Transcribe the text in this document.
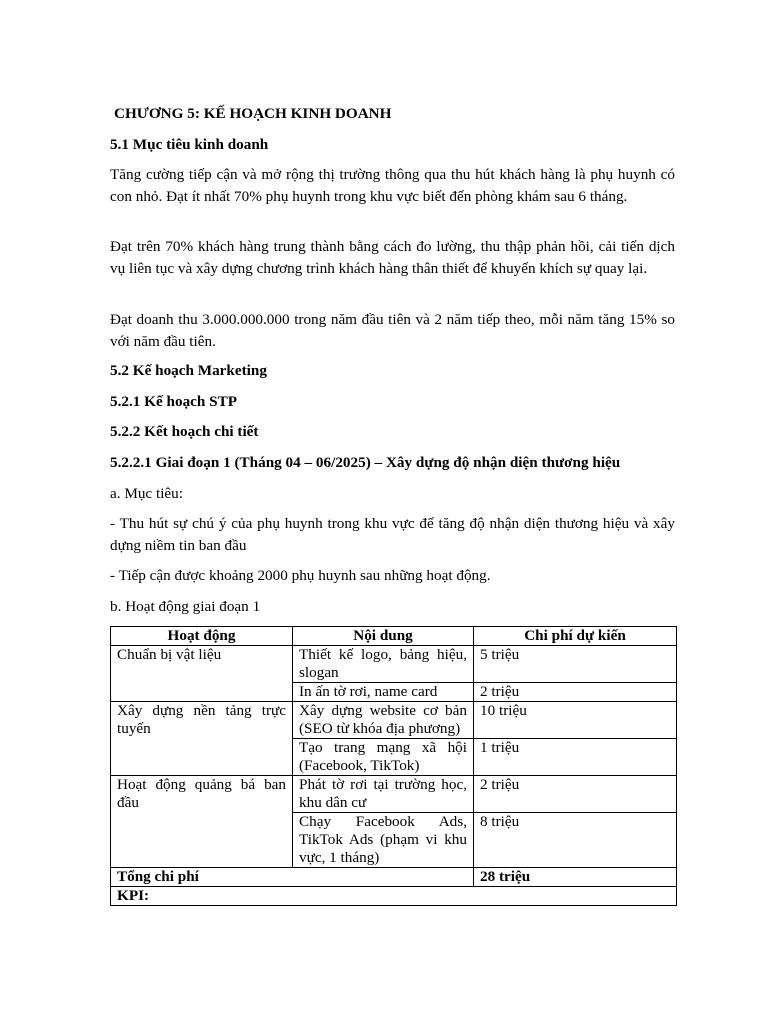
CHƯƠNG 5: KẾ HOẠCH KINH DOANH

5.1 Mục tiêu kinh doanh

Tăng cường tiếp cận và mở rộng thị trường thông qua thu hút khách hàng là phụ huynh có con nhỏ. Đạt ít nhất 70% phụ huynh trong khu vực biết đến phòng khám sau 6 tháng.

Đạt trên 70% khách hàng trung thành bằng cách đo lường, thu thập phản hồi, cải tiến dịch vụ liên tục và xây dựng chương trình khách hàng thân thiết để khuyến khích sự quay lại.

Đạt doanh thu 3.000.000.000 trong năm đầu tiên và 2 năm tiếp theo, mỗi năm tăng 15% so với năm đầu tiên.

5.2 Kế hoạch Marketing

5.2.1 Kế hoạch STP

5.2.2 Kết hoạch chi tiết

5.2.2.1 Giai đoạn 1 (Tháng 04 – 06/2025) – Xây dựng độ nhận diện thương hiệu

a. Mục tiêu:

- Thu hút sự chú ý của phụ huynh trong khu vực để tăng độ nhận diện thương hiệu và xây dựng niềm tin ban đầu

- Tiếp cận được khoảng 2000 phụ huynh sau những hoạt động.

b. Hoạt động giai đoạn 1

Hoạt động	Nội dung	Chi phí dự kiến
Chuẩn bị vật liệu	Thiết kế logo, bảng hiệu, slogan	5 triệu
	In ấn tờ rơi, name card	2 triệu
Xây dựng nền tảng trực tuyến	Xây dựng website cơ bản (SEO từ khóa địa phương)	10 triệu
	Tạo trang mạng xã hội (Facebook, TikTok)	1 triệu
Hoạt động quảng bá ban đầu	Phát tờ rơi tại trường học, khu dân cư	2 triệu
	Chạy Facebook Ads, TikTok Ads (phạm vi khu vực, 1 tháng)	8 triệu
Tổng chi phí		28 triệu
KPI:		
